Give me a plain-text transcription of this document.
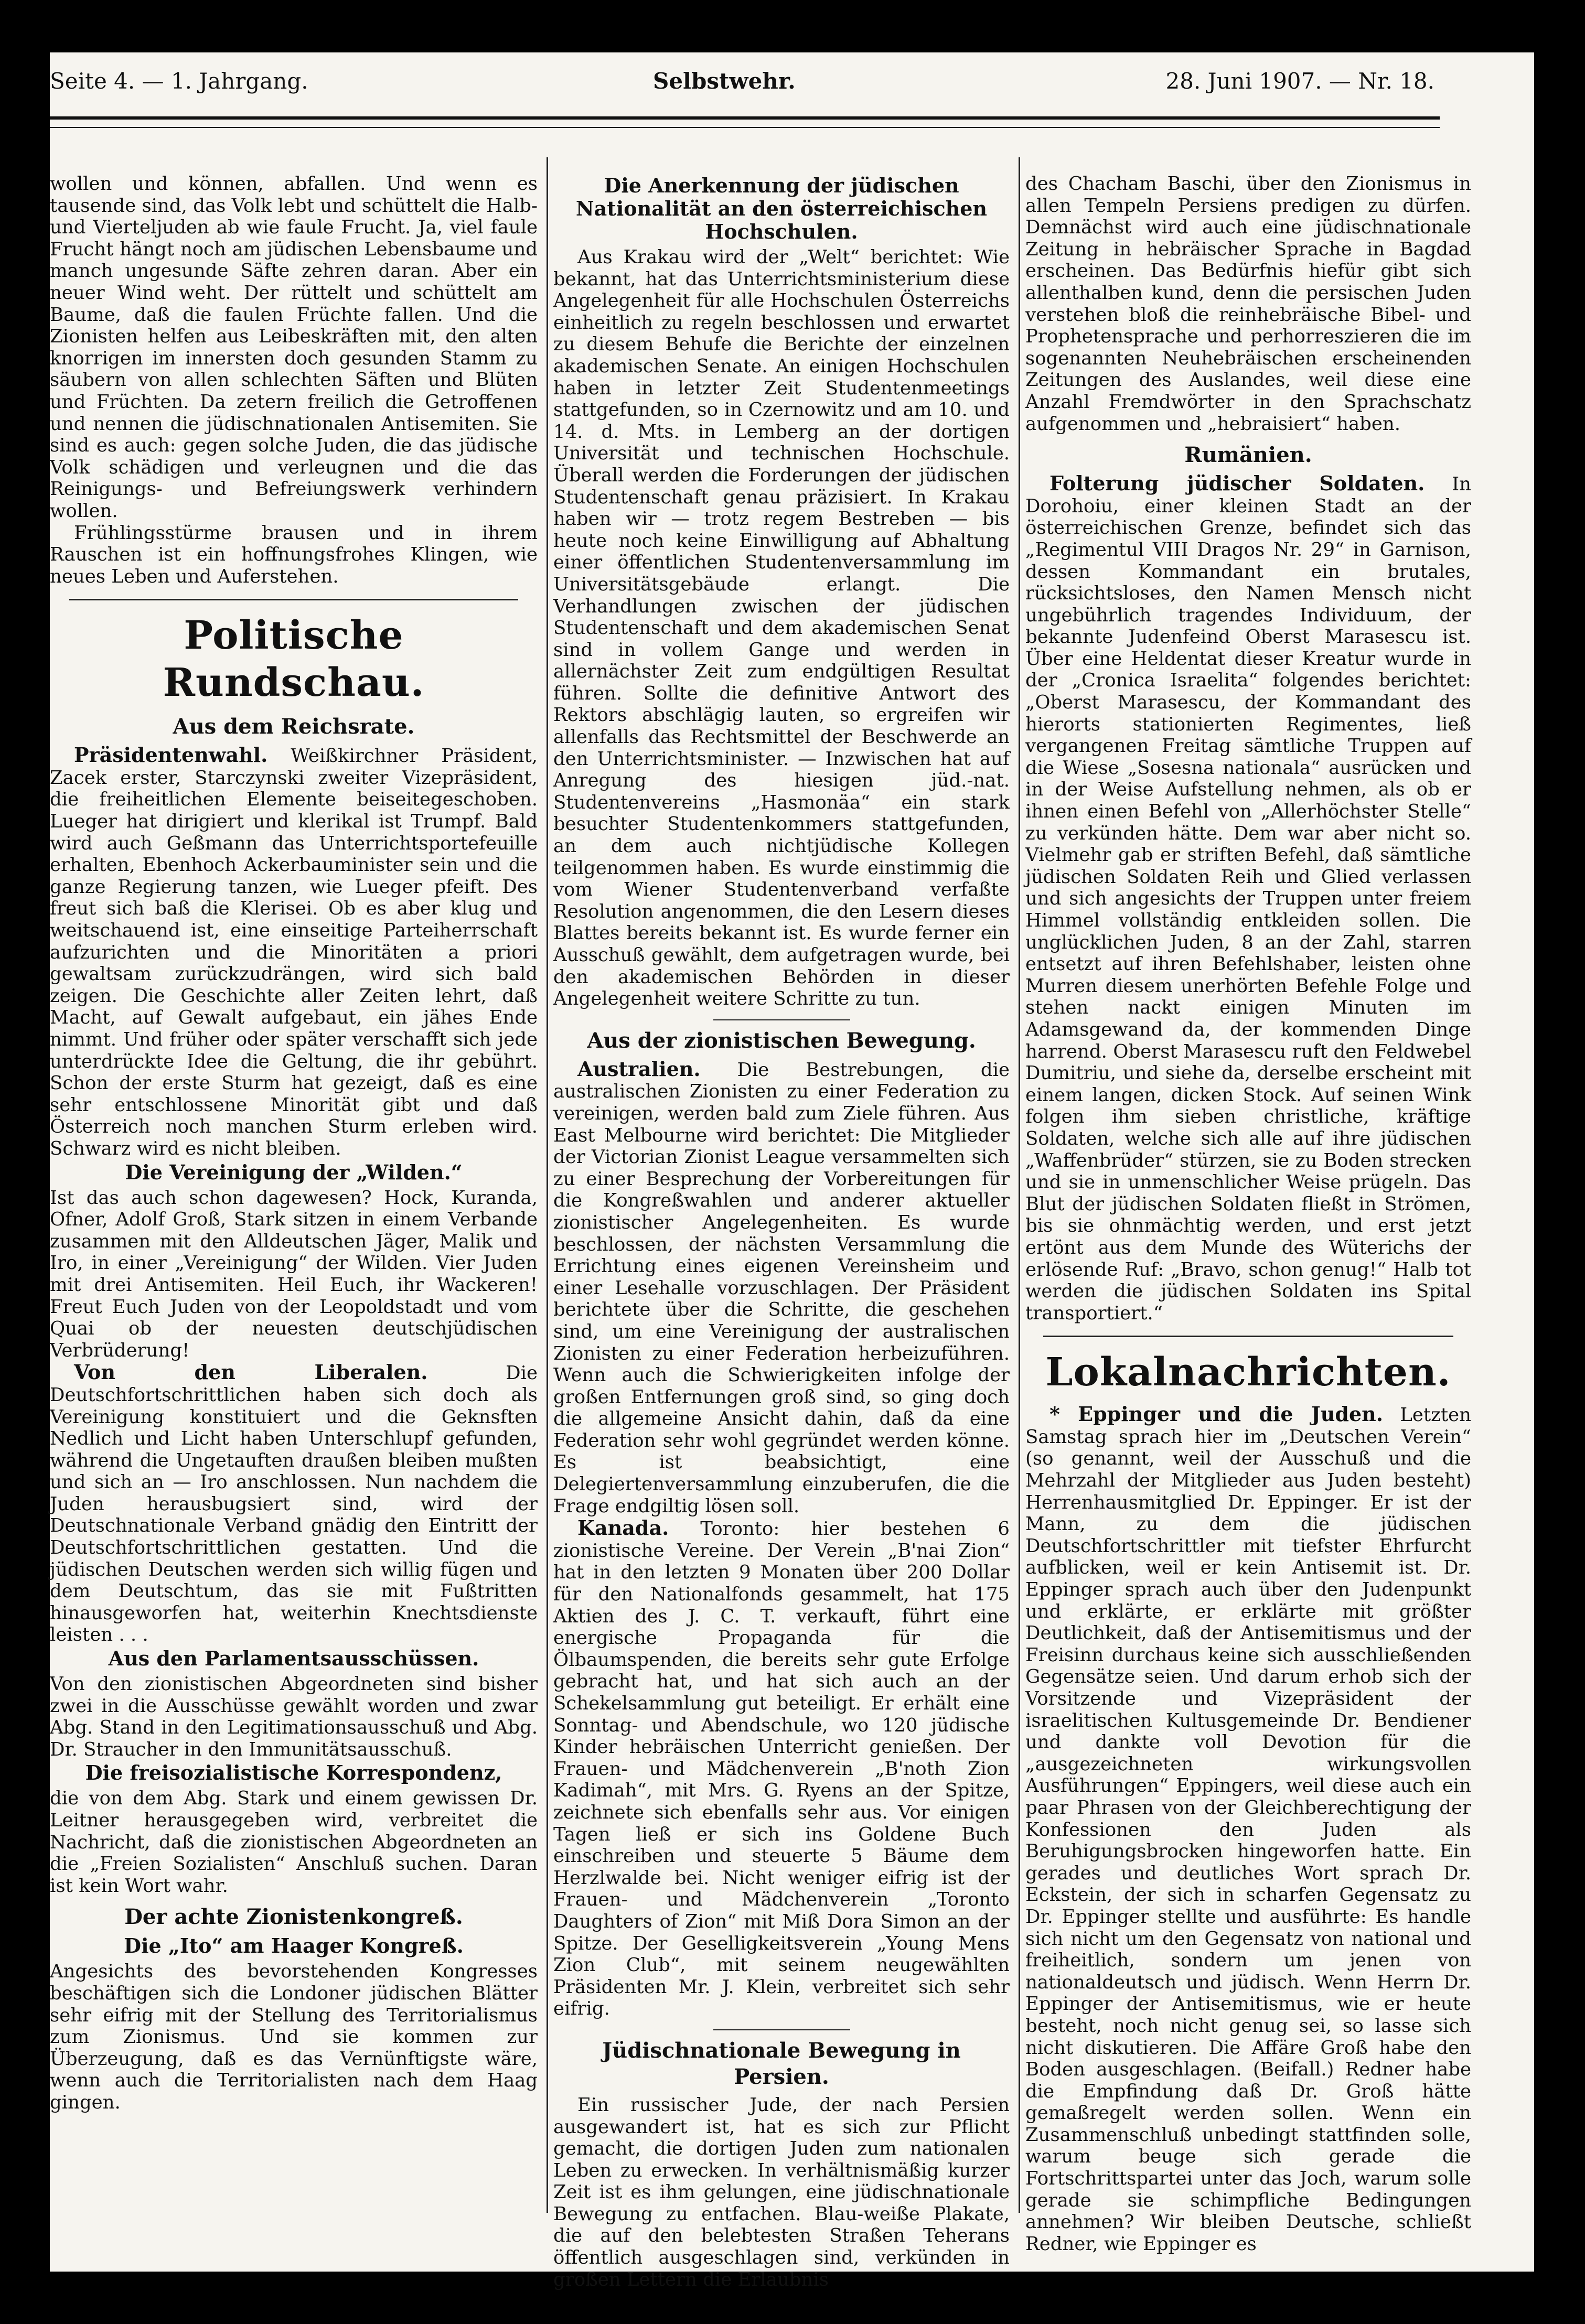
Seite 4. — 1. Jahrgang.	Selbstwehr.	28. Juni 1907. — Nr. 18.

wollen und können, abfallen. Und wenn es tausende sind, das Volk lebt und schüttelt die Halb- und Vierteljuden ab wie faule Frucht. Ja, viel faule Frucht hängt noch am jüdischen Lebensbaume und manch ungesunde Säfte zehren daran. Aber ein neuer Wind weht. Der rüttelt und schüttelt am Baume, daß die faulen Früchte fallen. Und die Zionisten helfen aus Leibeskräften mit, den alten knorrigen im innersten doch gesunden Stamm zu säubern von allen schlechten Säften und Blüten und Früchten. Da zetern freilich die Getroffenen und nennen die jüdischnationalen Antisemiten. Sie sind es auch: gegen solche Juden, die das jüdische Volk schädigen und verleugnen und die das Reinigungs- und Befreiungswerk verhindern wollen.

Frühlingsstürme brausen und in ihrem Rauschen ist ein hoffnungsfrohes Klingen, wie neues Leben und Auferstehen.

Politische Rundschau.
Aus dem Reichsrate.

Präsidentenwahl. Weißkirchner Präsident, Zacek erster, Starczynski zweiter Vizepräsident, die freiheitlichen Elemente beiseitegeschoben. Lueger hat dirigiert und klerikal ist Trumpf. Bald wird auch Geßmann das Unterrichtsportefeuille erhalten, Ebenhoch Ackerbauminister sein und die ganze Regierung tanzen, wie Lueger pfeift. Des freut sich baß die Klerisei. Ob es aber klug und weitschauend ist, eine einseitige Parteiherrschaft aufzurichten und die Minoritäten a priori gewaltsam zurückzudrängen, wird sich bald zeigen. Die Geschichte aller Zeiten lehrt, daß Macht, auf Gewalt aufgebaut, ein jähes Ende nimmt. Und früher oder später verschafft sich jede unterdrückte Idee die Geltung, die ihr gebührt. Schon der erste Sturm hat gezeigt, daß es eine sehr entschlossene Minorität gibt und daß Österreich noch manchen Sturm erleben wird. Schwarz wird es nicht bleiben.

Die Vereinigung der „Wilden.“

Ist das auch schon dagewesen? Hock, Kuranda, Ofner, Adolf Groß, Stark sitzen in einem Verbande zusammen mit den Alldeutschen Jäger, Malik und Iro, in einer „Vereinigung“ der Wilden. Vier Juden mit drei Antisemiten. Heil Euch, ihr Wackeren! Freut Euch Juden von der Leopoldstadt und vom Quai ob der neuesten deutschjüdischen Verbrüderung!

Von den Liberalen. Die Deutschfortschrittlichen haben sich doch als Vereinigung konstituiert und die Geknsften Nedlich und Licht haben Unterschlupf gefunden, während die Ungetauften draußen bleiben mußten und sich an — Iro anschlossen. Nun nachdem die Juden herausbugsiert sind, wird der Deutschnationale Verband gnädig den Eintritt der Deutschfortschrittlichen gestatten. Und die jüdischen Deutschen werden sich willig fügen und dem Deutschtum, das sie mit Fußtritten hinausgeworfen hat, weiterhin Knechtsdienste leisten . . .

Aus den Parlamentsausschüssen.

Von den zionistischen Abgeordneten sind bisher zwei in die Ausschüsse gewählt worden und zwar Abg. Stand in den Legitimationsausschuß und Abg. Dr. Straucher in den Immunitätsausschuß.

Die freisozialistische Korrespondenz,

die von dem Abg. Stark und einem gewissen Dr. Leitner herausgegeben wird, verbreitet die Nachricht, daß die zionistischen Abgeordneten an die „Freien Sozialisten“ Anschluß suchen. Daran ist kein Wort wahr.

Der achte Zionistenkongreß.
Die „Ito“ am Haager Kongreß.

Angesichts des bevorstehenden Kongresses beschäftigen sich die Londoner jüdischen Blätter sehr eifrig mit der Stellung des Territorialismus zum Zionismus. Und sie kommen zur Überzeugung, daß es das Vernünftigste wäre, wenn auch die Territorialisten nach dem Haag gingen.

Die Anerkennung der jüdischen Nationalität an den österreichischen Hochschulen.

Aus Krakau wird der „Welt“ berichtet: Wie bekannt, hat das Unterrichtsministerium diese Angelegenheit für alle Hochschulen Österreichs einheitlich zu regeln beschlossen und erwartet zu diesem Behufe die Berichte der einzelnen akademischen Senate. An einigen Hochschulen haben in letzter Zeit Studentenmeetings stattgefunden, so in Czernowitz und am 10. und 14. d. Mts. in Lemberg an der dortigen Universität und technischen Hochschule. Überall werden die Forderungen der jüdischen Studentenschaft genau präzisiert. In Krakau haben wir — trotz regem Bestreben — bis heute noch keine Einwilligung auf Abhaltung einer öffentlichen Studentenversammlung im Universitätsgebäude erlangt. Die Verhandlungen zwischen der jüdischen Studentenschaft und dem akademischen Senat sind in vollem Gange und werden in allernächster Zeit zum endgültigen Resultat führen. Sollte die definitive Antwort des Rektors abschlägig lauten, so ergreifen wir allenfalls das Rechtsmittel der Beschwerde an den Unterrichtsminister. — Inzwischen hat auf Anregung des hiesigen jüd.-nat. Studentenvereins „Hasmonäa“ ein stark besuchter Studentenkommers stattgefunden, an dem auch nichtjüdische Kollegen teilgenommen haben. Es wurde einstimmig die vom Wiener Studentenverband verfaßte Resolution angenommen, die den Lesern dieses Blattes bereits bekannt ist. Es wurde ferner ein Ausschuß gewählt, dem aufgetragen wurde, bei den akademischen Behörden in dieser Angelegenheit weitere Schritte zu tun.

Aus der zionistischen Bewegung.

Australien. Die Bestrebungen, die australischen Zionisten zu einer Federation zu vereinigen, werden bald zum Ziele führen. Aus East Melbourne wird berichtet: Die Mitglieder der Victorian Zionist League versammelten sich zu einer Besprechung der Vorbereitungen für die Kongreßwahlen und anderer aktueller zionistischer Angelegenheiten. Es wurde beschlossen, der nächsten Versammlung die Errichtung eines eigenen Vereinsheim und einer Lesehalle vorzuschlagen. Der Präsident berichtete über die Schritte, die geschehen sind, um eine Vereinigung der australischen Zionisten zu einer Federation herbeizuführen. Wenn auch die Schwierigkeiten infolge der großen Entfernungen groß sind, so ging doch die allgemeine Ansicht dahin, daß da eine Federation sehr wohl gegründet werden könne. Es ist beabsichtigt, eine Delegiertenversammlung einzuberufen, die die Frage endgiltig lösen soll.

Kanada. Toronto: hier bestehen 6 zionistische Vereine. Der Verein „B'nai Zion“ hat in den letzten 9 Monaten über 200 Dollar für den Nationalfonds gesammelt, hat 175 Aktien des J. C. T. verkauft, führt eine energische Propaganda für die Ölbaumspenden, die bereits sehr gute Erfolge gebracht hat, und hat sich auch an der Schekelsammlung gut beteiligt. Er erhält eine Sonntag- und Abendschule, wo 120 jüdische Kinder hebräischen Unterricht genießen. Der Frauen- und Mädchenverein „B'noth Zion Kadimah“, mit Mrs. G. Ryens an der Spitze, zeichnete sich ebenfalls sehr aus. Vor einigen Tagen ließ er sich ins Goldene Buch einschreiben und steuerte 5 Bäume dem Herzlwalde bei. Nicht weniger eifrig ist der Frauen- und Mädchenverein „Toronto Daughters of Zion“ mit Miß Dora Simon an der Spitze. Der Geselligkeitsverein „Young Mens Zion Club“, mit seinem neugewählten Präsidenten Mr. J. Klein, verbreitet sich sehr eifrig.

Jüdischnationale Bewegung in Persien.

Ein russischer Jude, der nach Persien ausgewandert ist, hat es sich zur Pflicht gemacht, die dortigen Juden zum nationalen Leben zu erwecken. In verhältnismäßig kurzer Zeit ist es ihm gelungen, eine jüdischnationale Bewegung zu entfachen. Blau-weiße Plakate, die auf den belebtesten Straßen Teherans öffentlich ausgeschlagen sind, verkünden in großen Lettern die Erlaubnis

des Chacham Baschi, über den Zionismus in allen Tempeln Persiens predigen zu dürfen. Demnächst wird auch eine jüdischnationale Zeitung in hebräischer Sprache in Bagdad erscheinen. Das Bedürfnis hiefür gibt sich allenthalben kund, denn die persischen Juden verstehen bloß die reinhebräische Bibel- und Prophetensprache und perhorreszieren die im sogenannten Neuhebräischen erscheinenden Zeitungen des Auslandes, weil diese eine Anzahl Fremdwörter in den Sprachschatz aufgenommen und „hebraisiert“ haben.

Rumänien.

Folterung jüdischer Soldaten. In Dorohoiu, einer kleinen Stadt an der österreichischen Grenze, befindet sich das „Regimentul VIII Dragos Nr. 29“ in Garnison, dessen Kommandant ein brutales, rücksichtsloses, den Namen Mensch nicht ungebührlich tragendes Individuum, der bekannte Judenfeind Oberst Marasescu ist. Über eine Heldentat dieser Kreatur wurde in der „Cronica Israelita“ folgendes berichtet: „Oberst Marasescu, der Kommandant des hierorts stationierten Regimentes, ließ vergangenen Freitag sämtliche Truppen auf die Wiese „Sosesna nationala“ ausrücken und in der Weise Aufstellung nehmen, als ob er ihnen einen Befehl von „Allerhöchster Stelle“ zu verkünden hätte. Dem war aber nicht so. Vielmehr gab er striften Befehl, daß sämtliche jüdischen Soldaten Reih und Glied verlassen und sich angesichts der Truppen unter freiem Himmel vollständig entkleiden sollen. Die unglücklichen Juden, 8 an der Zahl, starren entsetzt auf ihren Befehlshaber, leisten ohne Murren diesem unerhörten Befehle Folge und stehen nackt einigen Minuten im Adamsgewand da, der kommenden Dinge harrend. Oberst Marasescu ruft den Feldwebel Dumitriu, und siehe da, derselbe erscheint mit einem langen, dicken Stock. Auf seinen Wink folgen ihm sieben christliche, kräftige Soldaten, welche sich alle auf ihre jüdischen „Waffenbrüder“ stürzen, sie zu Boden strecken und sie in unmenschlicher Weise prügeln. Das Blut der jüdischen Soldaten fließt in Strömen, bis sie ohnmächtig werden, und erst jetzt ertönt aus dem Munde des Wüterichs der erlösende Ruf: „Bravo, schon genug!“ Halb tot werden die jüdischen Soldaten ins Spital transportiert.“

Lokalnachrichten.

* Eppinger und die Juden. Letzten Samstag sprach hier im „Deutschen Verein“ (so genannt, weil der Ausschuß und die Mehrzahl der Mitglieder aus Juden besteht) Herrenhausmitglied Dr. Eppinger. Er ist der Mann, zu dem die jüdischen Deutschfortschrittler mit tiefster Ehrfurcht aufblicken, weil er kein Antisemit ist. Dr. Eppinger sprach auch über den Judenpunkt und erklärte, er erklärte mit größter Deutlichkeit, daß der Antisemitismus und der Freisinn durchaus keine sich ausschließenden Gegensätze seien. Und darum erhob sich der Vorsitzende und Vizepräsident der israelitischen Kultusgemeinde Dr. Bendiener und dankte voll Devotion für die „ausgezeichneten wirkungsvollen Ausführungen“ Eppingers, weil diese auch ein paar Phrasen von der Gleichberechtigung der Konfessionen den Juden als Beruhigungsbrocken hingeworfen hatte. Ein gerades und deutliches Wort sprach Dr. Eckstein, der sich in scharfen Gegensatz zu Dr. Eppinger stellte und ausführte: Es handle sich nicht um den Gegensatz von national und freiheitlich, sondern um jenen von nationaldeutsch und jüdisch. Wenn Herrn Dr. Eppinger der Antisemitismus, wie er heute besteht, noch nicht genug sei, so lasse sich nicht diskutieren. Die Affäre Groß habe den Boden ausgeschlagen. (Beifall.) Redner habe die Empfindung daß Dr. Groß hätte gemaßregelt werden sollen. Wenn ein Zusammenschluß unbedingt stattfinden solle, warum beuge sich gerade die Fortschrittspartei unter das Joch, warum solle gerade sie schimpfliche Bedingungen annehmen? Wir bleiben Deutsche, schließt Redner, wie Eppinger es
